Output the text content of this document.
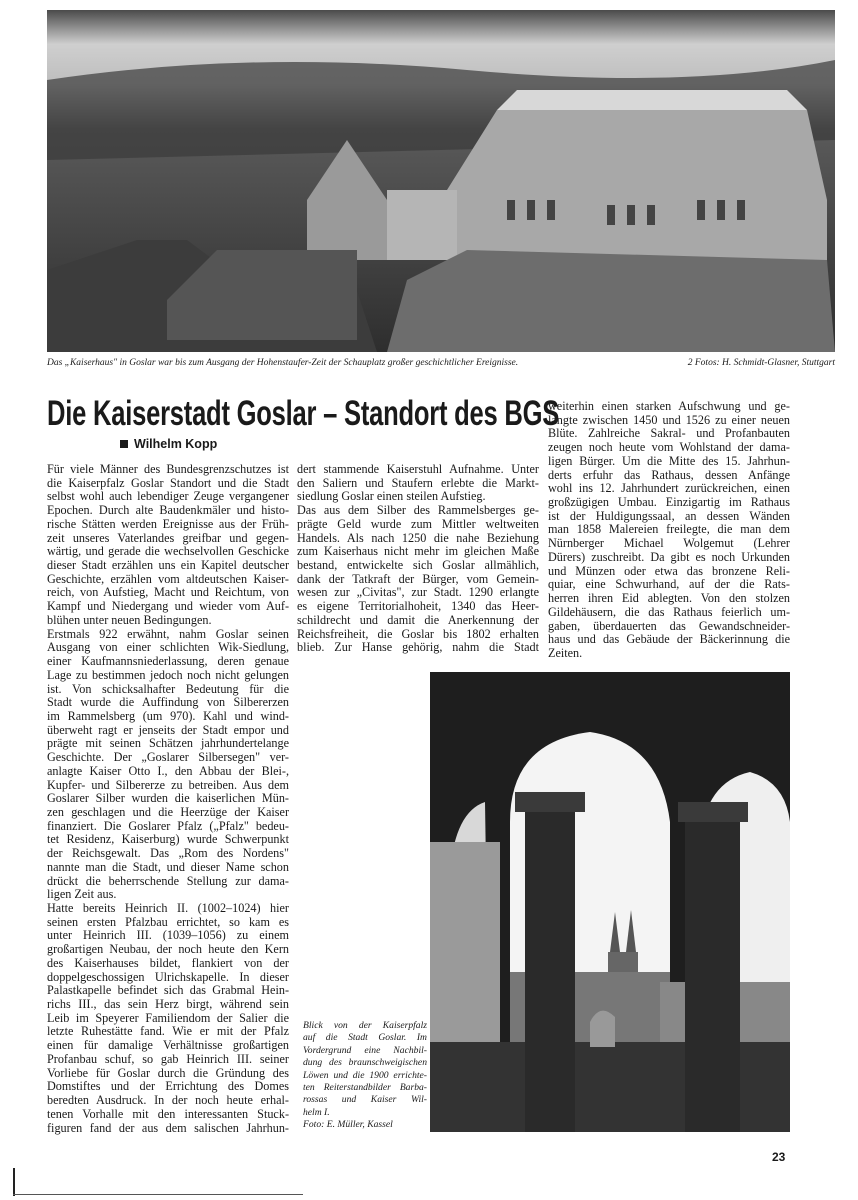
Das „Kaiserhaus" in Goslar war bis zum Ausgang der Hohenstaufer-Zeit der Schauplatz großer geschichtlicher Ereignisse.	2 Fotos: H. Schmidt-Glasner, Stuttgart
Die Kaiserstadt Goslar – Standort des BGS
Wilhelm Kopp
Für viele Männer des Bundesgrenzschutzes ist
die Kaiserpfalz Goslar Standort und die Stadt
selbst wohl auch lebendiger Zeuge vergangener
Epochen. Durch alte Baudenkmäler und histo-
rische Stätten werden Ereignisse aus der Früh-
zeit unseres Vaterlandes greifbar und gegen-
wärtig, und gerade die wechselvollen Geschicke
dieser Stadt erzählen uns ein Kapitel deutscher
Geschichte, erzählen vom altdeutschen Kaiser-
reich, von Aufstieg, Macht und Reichtum, von
Kampf und Niedergang und wieder vom Auf-
blühen unter neuen Bedingungen.
Erstmals 922 erwähnt, nahm Goslar seinen
Ausgang von einer schlichten Wik-Siedlung,
einer Kaufmannsniederlassung, deren genaue
Lage zu bestimmen jedoch noch nicht gelungen
ist. Von schicksalhafter Bedeutung für die
Stadt wurde die Auffindung von Silbererzen
im Rammelsberg (um 970). Kahl und wind-
überweht ragt er jenseits der Stadt empor und
prägte mit seinen Schätzen jahrhundertelange
Geschichte. Der „Goslarer Silbersegen" ver-
anlagte Kaiser Otto I., den Abbau der Blei-,
Kupfer- und Silbererze zu betreiben. Aus dem
Goslarer Silber wurden die kaiserlichen Mün-
zen geschlagen und die Heerzüge der Kaiser
finanziert. Die Goslarer Pfalz („Pfalz" bedeu-
tet Residenz, Kaiserburg) wurde Schwerpunkt
der Reichsgewalt. Das „Rom des Nordens"
nannte man die Stadt, und dieser Name schon
drückt die beherrschende Stellung zur dama-
ligen Zeit aus.
Hatte bereits Heinrich II. (1002–1024) hier
seinen ersten Pfalzbau errichtet, so kam es
unter Heinrich III. (1039–1056) zu einem
großartigen Neubau, der noch heute den Kern
des Kaiserhauses bildet, flankiert von der
doppelgeschossigen Ulrichskapelle. In dieser
Palastkapelle befindet sich das Grabmal Hein-
richs III., das sein Herz birgt, während sein
Leib im Speyerer Familiendom der Salier die
letzte Ruhestätte fand. Wie er mit der Pfalz
einen für damalige Verhältnisse großartigen
Profanbau schuf, so gab Heinrich III. seiner
Vorliebe für Goslar durch die Gründung des
Domstiftes und der Errichtung des Domes
beredten Ausdruck. In der noch heute erhal-
tenen Vorhalle mit den interessanten Stuck-
figuren fand der aus dem salischen Jahrhun-
dert stammende Kaiserstuhl Aufnahme. Unter
den Saliern und Staufern erlebte die Markt-
siedlung Goslar einen steilen Aufstieg.
Das aus dem Silber des Rammelsberges ge-
prägte Geld wurde zum Mittler weltweiten
Handels. Als nach 1250 die nahe Beziehung
zum Kaiserhaus nicht mehr im gleichen Maße
bestand, entwickelte sich Goslar allmählich,
dank der Tatkraft der Bürger, vom Gemein-
wesen zur „Civitas", zur Stadt. 1290 erlangte
es eigene Territorialhoheit, 1340 das Heer-
schildrecht und damit die Anerkennung der
Reichsfreiheit, die Goslar bis 1802 erhalten
blieb. Zur Hanse gehörig, nahm die Stadt
weiterhin einen starken Aufschwung und ge-
langte zwischen 1450 und 1526 zu einer neuen
Blüte. Zahlreiche Sakral- und Profanbauten
zeugen noch heute vom Wohlstand der dama-
ligen Bürger. Um die Mitte des 15. Jahrhun-
derts erfuhr das Rathaus, dessen Anfänge
wohl ins 12. Jahrhundert zurückreichen, einen
großzügigen Umbau. Einzigartig im Rathaus
ist der Huldigungssaal, an dessen Wänden
man 1858 Malereien freilegte, die man dem
Nürnberger Michael Wolgemut (Lehrer
Dürers) zuschreibt. Da gibt es noch Urkunden
und Münzen oder etwa das bronzene Reli-
quiar, eine Schwurhand, auf der die Rats-
herren ihren Eid ablegten. Von den stolzen
Gildehäusern, die das Rathaus feierlich um-
gaben, überdauerten das Gewandschneider-
haus und das Gebäude der Bäckerinnung die
Zeiten.
Blick von der Kaiserpfalz
auf die Stadt Goslar. Im
Vordergrund eine Nachbil-
dung des braunschweigischen
Löwen und die 1900 errichte-
ten Reiterstandbilder Barba-
rossas und Kaiser Wil-
helm I.
Foto: E. Müller, Kassel
23
